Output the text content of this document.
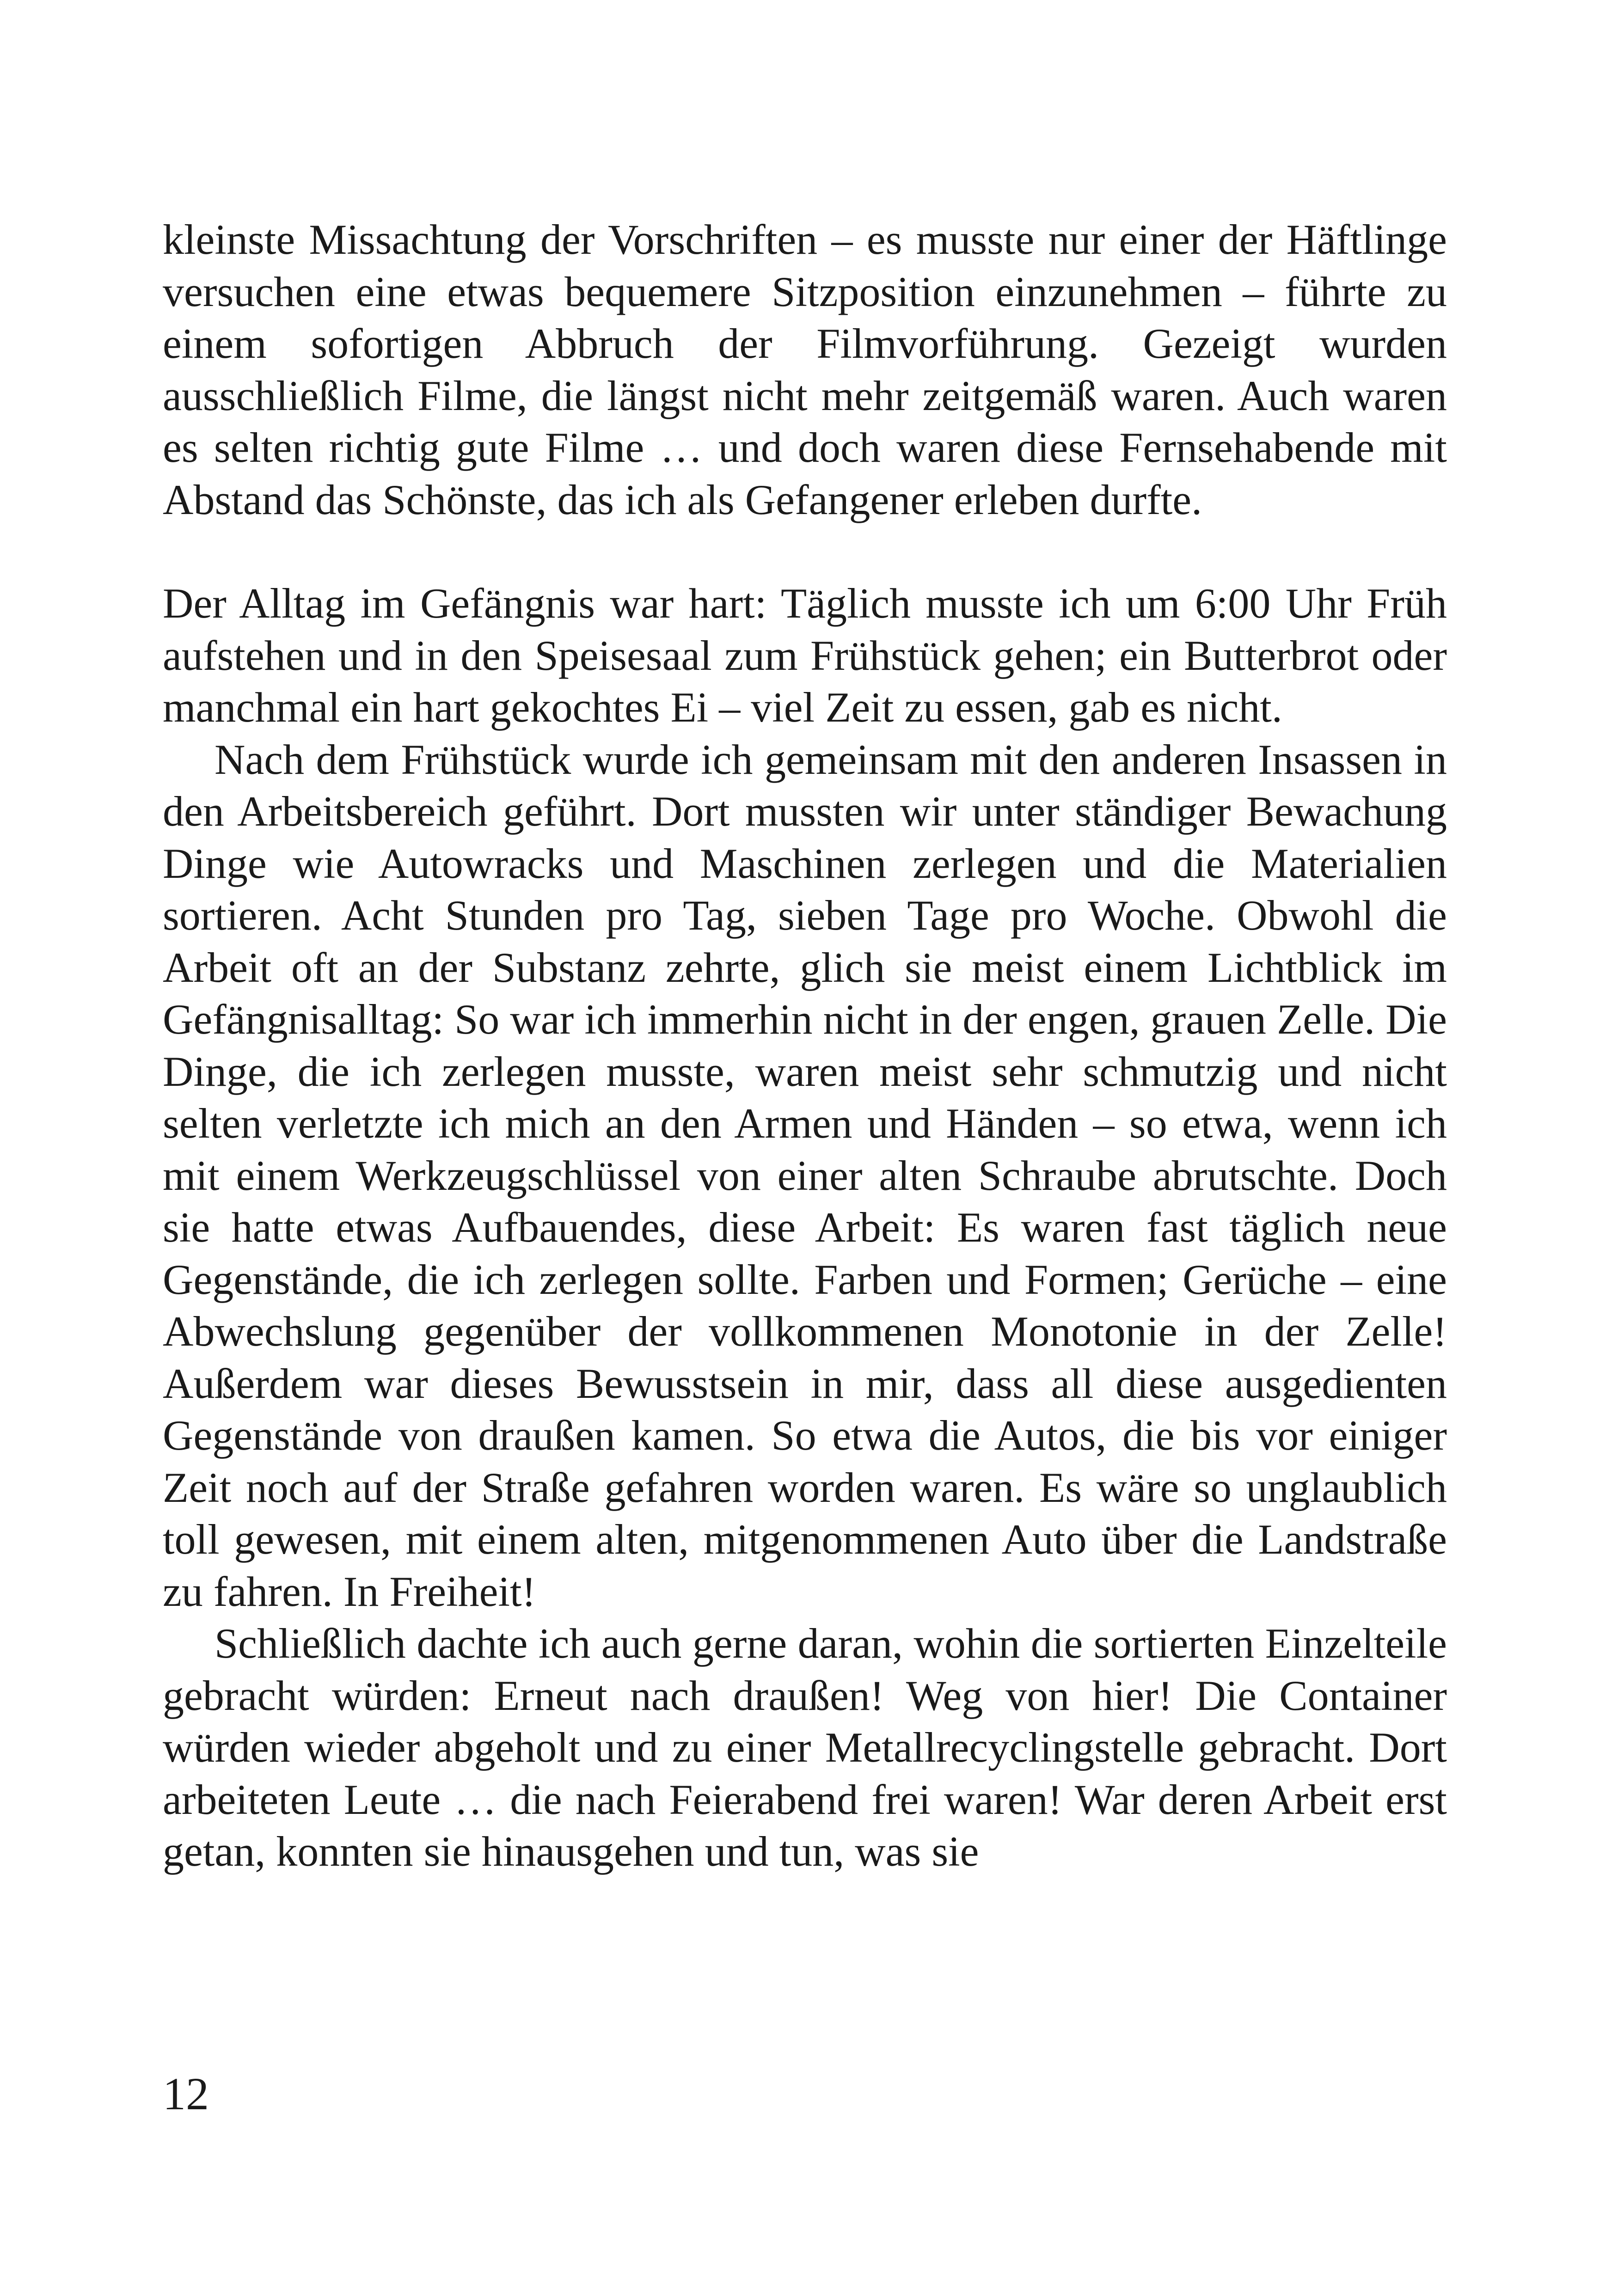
kleinste Missachtung der Vorschriften – es musste nur einer der Häftlinge versuchen eine etwas bequemere Sitzposition einzunehmen – führte zu einem sofortigen Abbruch der Filmvorführung. Gezeigt wurden ausschließlich Filme, die längst nicht mehr zeitgemäß waren. Auch waren es selten richtig gute Filme … und doch waren diese Fernsehabende mit Abstand das Schönste, das ich als Gefangener erleben durfte.

Der Alltag im Gefängnis war hart: Täglich musste ich um 6:00 Uhr Früh aufstehen und in den Speisesaal zum Frühstück gehen; ein Butterbrot oder manchmal ein hart gekochtes Ei – viel Zeit zu essen, gab es nicht.

Nach dem Frühstück wurde ich gemeinsam mit den anderen Insassen in den Arbeitsbereich geführt. Dort mussten wir unter ständiger Bewachung Dinge wie Autowracks und Maschinen zerlegen und die Materialien sortieren. Acht Stunden pro Tag, sieben Tage pro Woche. Obwohl die Arbeit oft an der Substanz zehrte, glich sie meist einem Lichtblick im Gefängnisalltag: So war ich immerhin nicht in der engen, grauen Zelle. Die Dinge, die ich zerlegen musste, waren meist sehr schmutzig und nicht selten verletzte ich mich an den Armen und Händen – so etwa, wenn ich mit einem Werkzeugschlüssel von einer alten Schraube abrutschte. Doch sie hatte etwas Aufbauendes, diese Arbeit: Es waren fast täglich neue Gegenstände, die ich zerlegen sollte. Farben und Formen; Gerüche – eine Abwechslung gegenüber der vollkommenen Monotonie in der Zelle! Außerdem war dieses Bewusstsein in mir, dass all diese ausgedienten Gegenstände von draußen kamen. So etwa die Autos, die bis vor einiger Zeit noch auf der Straße gefahren worden waren. Es wäre so unglaublich toll gewesen, mit einem alten, mitgenommenen Auto über die Landstraße zu fahren. In Freiheit!

Schließlich dachte ich auch gerne daran, wohin die sortierten Einzelteile gebracht würden: Erneut nach draußen! Weg von hier! Die Container würden wieder abgeholt und zu einer Metallrecyclingstelle gebracht. Dort arbeiteten Leute … die nach Feierabend frei waren! War deren Arbeit erst getan, konnten sie hinausgehen und tun, was sie

12
